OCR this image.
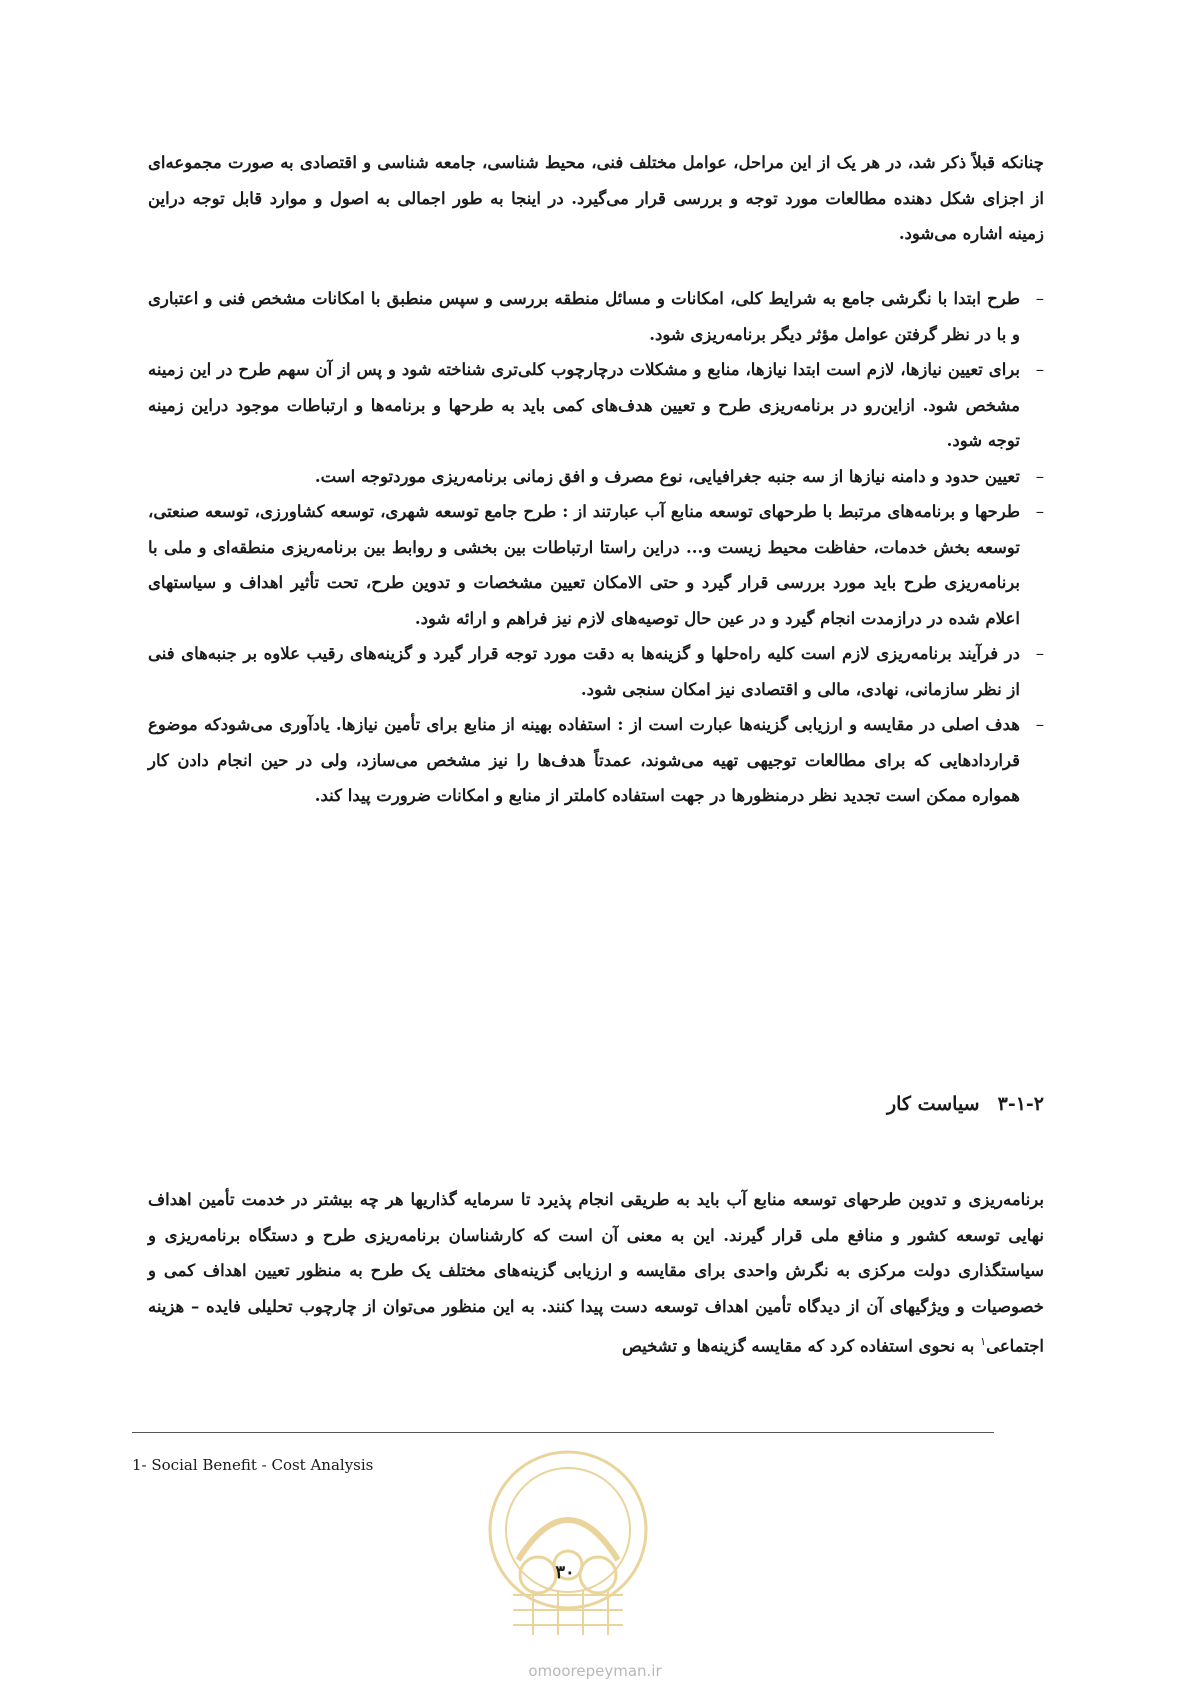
چنانکه قبلاً ذکر شد، در هر یک از این مراحل، عوامل مختلف فنی، محیط شناسی، جامعه شناسی و اقتصادی به صورت مجموعه‌ای از اجزای شکل دهنده مطالعات مورد توجه و بررسی قرار می‌گیرد. در اینجا به طور اجمالی به اصول و موارد قابل توجه دراین زمینه اشاره می‌شود.
–
طرح ابتدا با نگرشی جامع به شرایط کلی، امکانات و مسائل منطقه بررسی و سپس منطبق با امکانات مشخص فنی و اعتباری و با در نظر گرفتن عوامل مؤثر دیگر برنامه‌ریزی شود.
–
برای تعیین نیازها، لازم است ابتدا نیازها، منابع و مشکلات درچارچوب کلی‌تری شناخته شود و پس از آن سهم طرح در این زمینه مشخص شود. ازاین‌رو در برنامه‌ریزی طرح و تعیین هدف‌های کمی باید به طرحها و برنامه‌ها و ارتباطات موجود دراین زمینه توجه شود.
–
تعیین حدود و دامنه نیازها از سه جنبه جغرافیایی، نوع مصرف و افق زمانی برنامه‌ریزی موردتوجه است.
–
طرحها و برنامه‌های مرتبط با طرحهای توسعه منابع آب عبارتند از : طرح جامع توسعه شهری، توسعه کشاورزی، توسعه صنعتی، توسعه بخش خدمات، حفاظت محیط زیست و... دراین راستا ارتباطات بین بخشی و روابط بین برنامه‌ریزی منطقه‌ای و ملی با برنامه‌ریزی طرح باید مورد بررسی قرار گیرد و حتی الامکان تعیین مشخصات و تدوین طرح، تحت تأثیر اهداف و سیاستهای اعلام شده در درازمدت انجام گیرد و در عین حال توصیه‌های لازم نیز فراهم و ارائه شود.
–
در فرآیند برنامه‌ریزی لازم است کلیه راه‌حلها و گزینه‌ها به دقت مورد توجه قرار گیرد و گزینه‌های رقیب علاوه بر جنبه‌های فنی از نظر سازمانی، نهادی، مالی و اقتصادی نیز امکان سنجی شود.
–
هدف اصلی در مقایسه و ارزیابی گزینه‌ها عبارت است از : استفاده بهینه از منابع برای تأمین نیازها. یادآوری می‌شودکه موضوع قراردادهایی که برای مطالعات توجیهی تهیه می‌شوند، عمدتاً هدف‌ها را نیز مشخص می‌سازد، ولی در حین انجام دادن کار همواره ممکن است تجدید نظر درمنظورها در جهت استفاده کاملتر از منابع و امکانات ضرورت پیدا کند.
۳-۱-۲سیاست کار
برنامه‌ریزی و تدوین طرحهای توسعه منابع آب باید به طریقی انجام پذیرد تا سرمایه گذاریها هر چه بیشتر در خدمت تأمین اهداف نهایی توسعه کشور و منافع ملی قرار گیرند. این به معنی آن است که کارشناسان برنامه‌ریزی طرح و دستگاه برنامه‌ریزی و سیاستگذاری دولت مرکزی به نگرش واحدی برای مقایسه و ارزیابی گزینه‌های مختلف یک طرح به منظور تعیین اهداف کمی و خصوصیات و ویژگیهای آن از دیدگاه تأمین اهداف توسعه دست پیدا کنند. به این منظور می‌توان از چارچوب تحلیلی فایده – هزینه اجتماعی$^۱$ به نحوی استفاده کرد که مقایسه گزینه‌ها و تشخیص
1- Social Benefit - Cost Analysis
۳۰
omoorepeyman.ir
